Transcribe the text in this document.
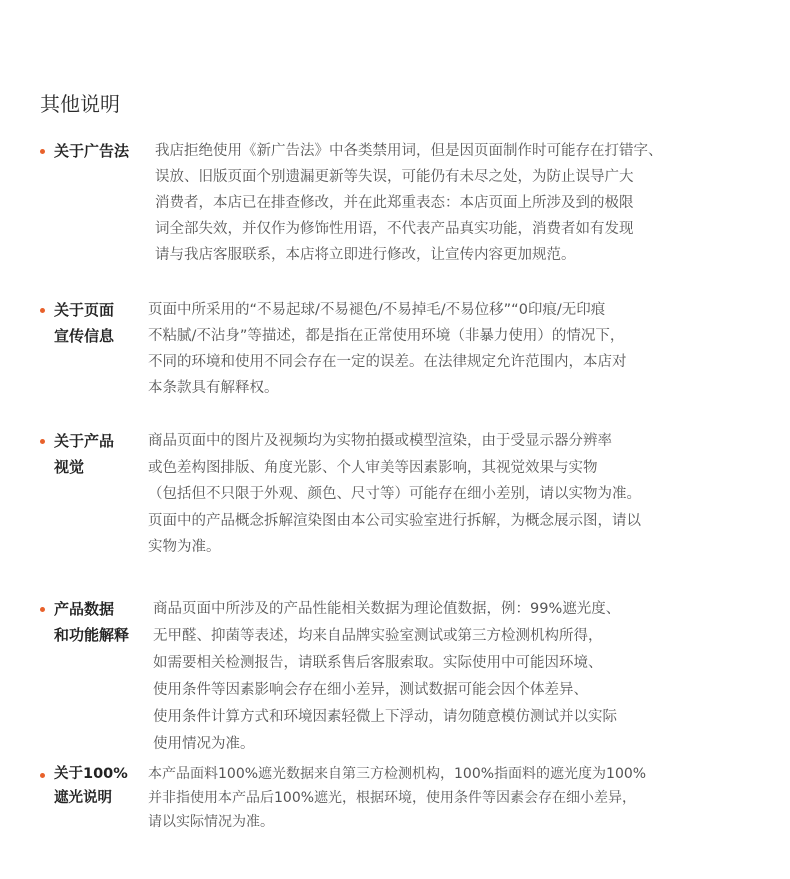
其他说明
关于广告法 我店拒绝使用《新广告法》中各类禁用词，但是因页面制作时可能存在打错字、
误放、旧版页面个别遗漏更新等失误，可能仍有未尽之处，为防止误导广大
消费者，本店已在排查修改，并在此郑重表态：本店页面上所涉及到的极限
词全部失效，并仅作为修饰性用语，不代表产品真实功能，消费者如有发现
请与我店客服联系，本店将立即进行修改，让宣传内容更加规范。
关于页面
宣传信息
页面中所采用的“不易起球/不易褪色/不易掉毛/不易位移”“0印痕/无印痕
不粘腻/不沾身”等描述，都是指在正常使用环境（非暴力使用）的情况下，
不同的环境和使用不同会存在一定的误差。在法律规定允许范围内，本店对
本条款具有解释权。
关于产品
视觉
商品页面中的图片及视频均为实物拍摄或模型渲染，由于受显示器分辨率
或色差构图排版、角度光影、个人审美等因素影响，其视觉效果与实物
（包括但不只限于外观、颜色、尺寸等）可能存在细小差别，请以实物为准。
页面中的产品概念拆解渲染图由本公司实验室进行拆解，为概念展示图，请以
实物为准。
产品数据
和功能解释
商品页面中所涉及的产品性能相关数据为理论值数据，例：99%遮光度、
无甲醛、抑菌等表述，均来自品牌实验室测试或第三方检测机构所得，
如需要相关检测报告，请联系售后客服索取。实际使用中可能因环境、
使用条件等因素影响会存在细小差异，测试数据可能会因个体差异、
使用条件计算方式和环境因素轻微上下浮动，请勿随意模仿测试并以实际
使用情况为准。
关于100%
遮光说明
本产品面料100%遮光数据来自第三方检测机构，100%指面料的遮光度为100%
并非指使用本产品后100%遮光，根据环境，使用条件等因素会存在细小差异，
请以实际情况为准。
